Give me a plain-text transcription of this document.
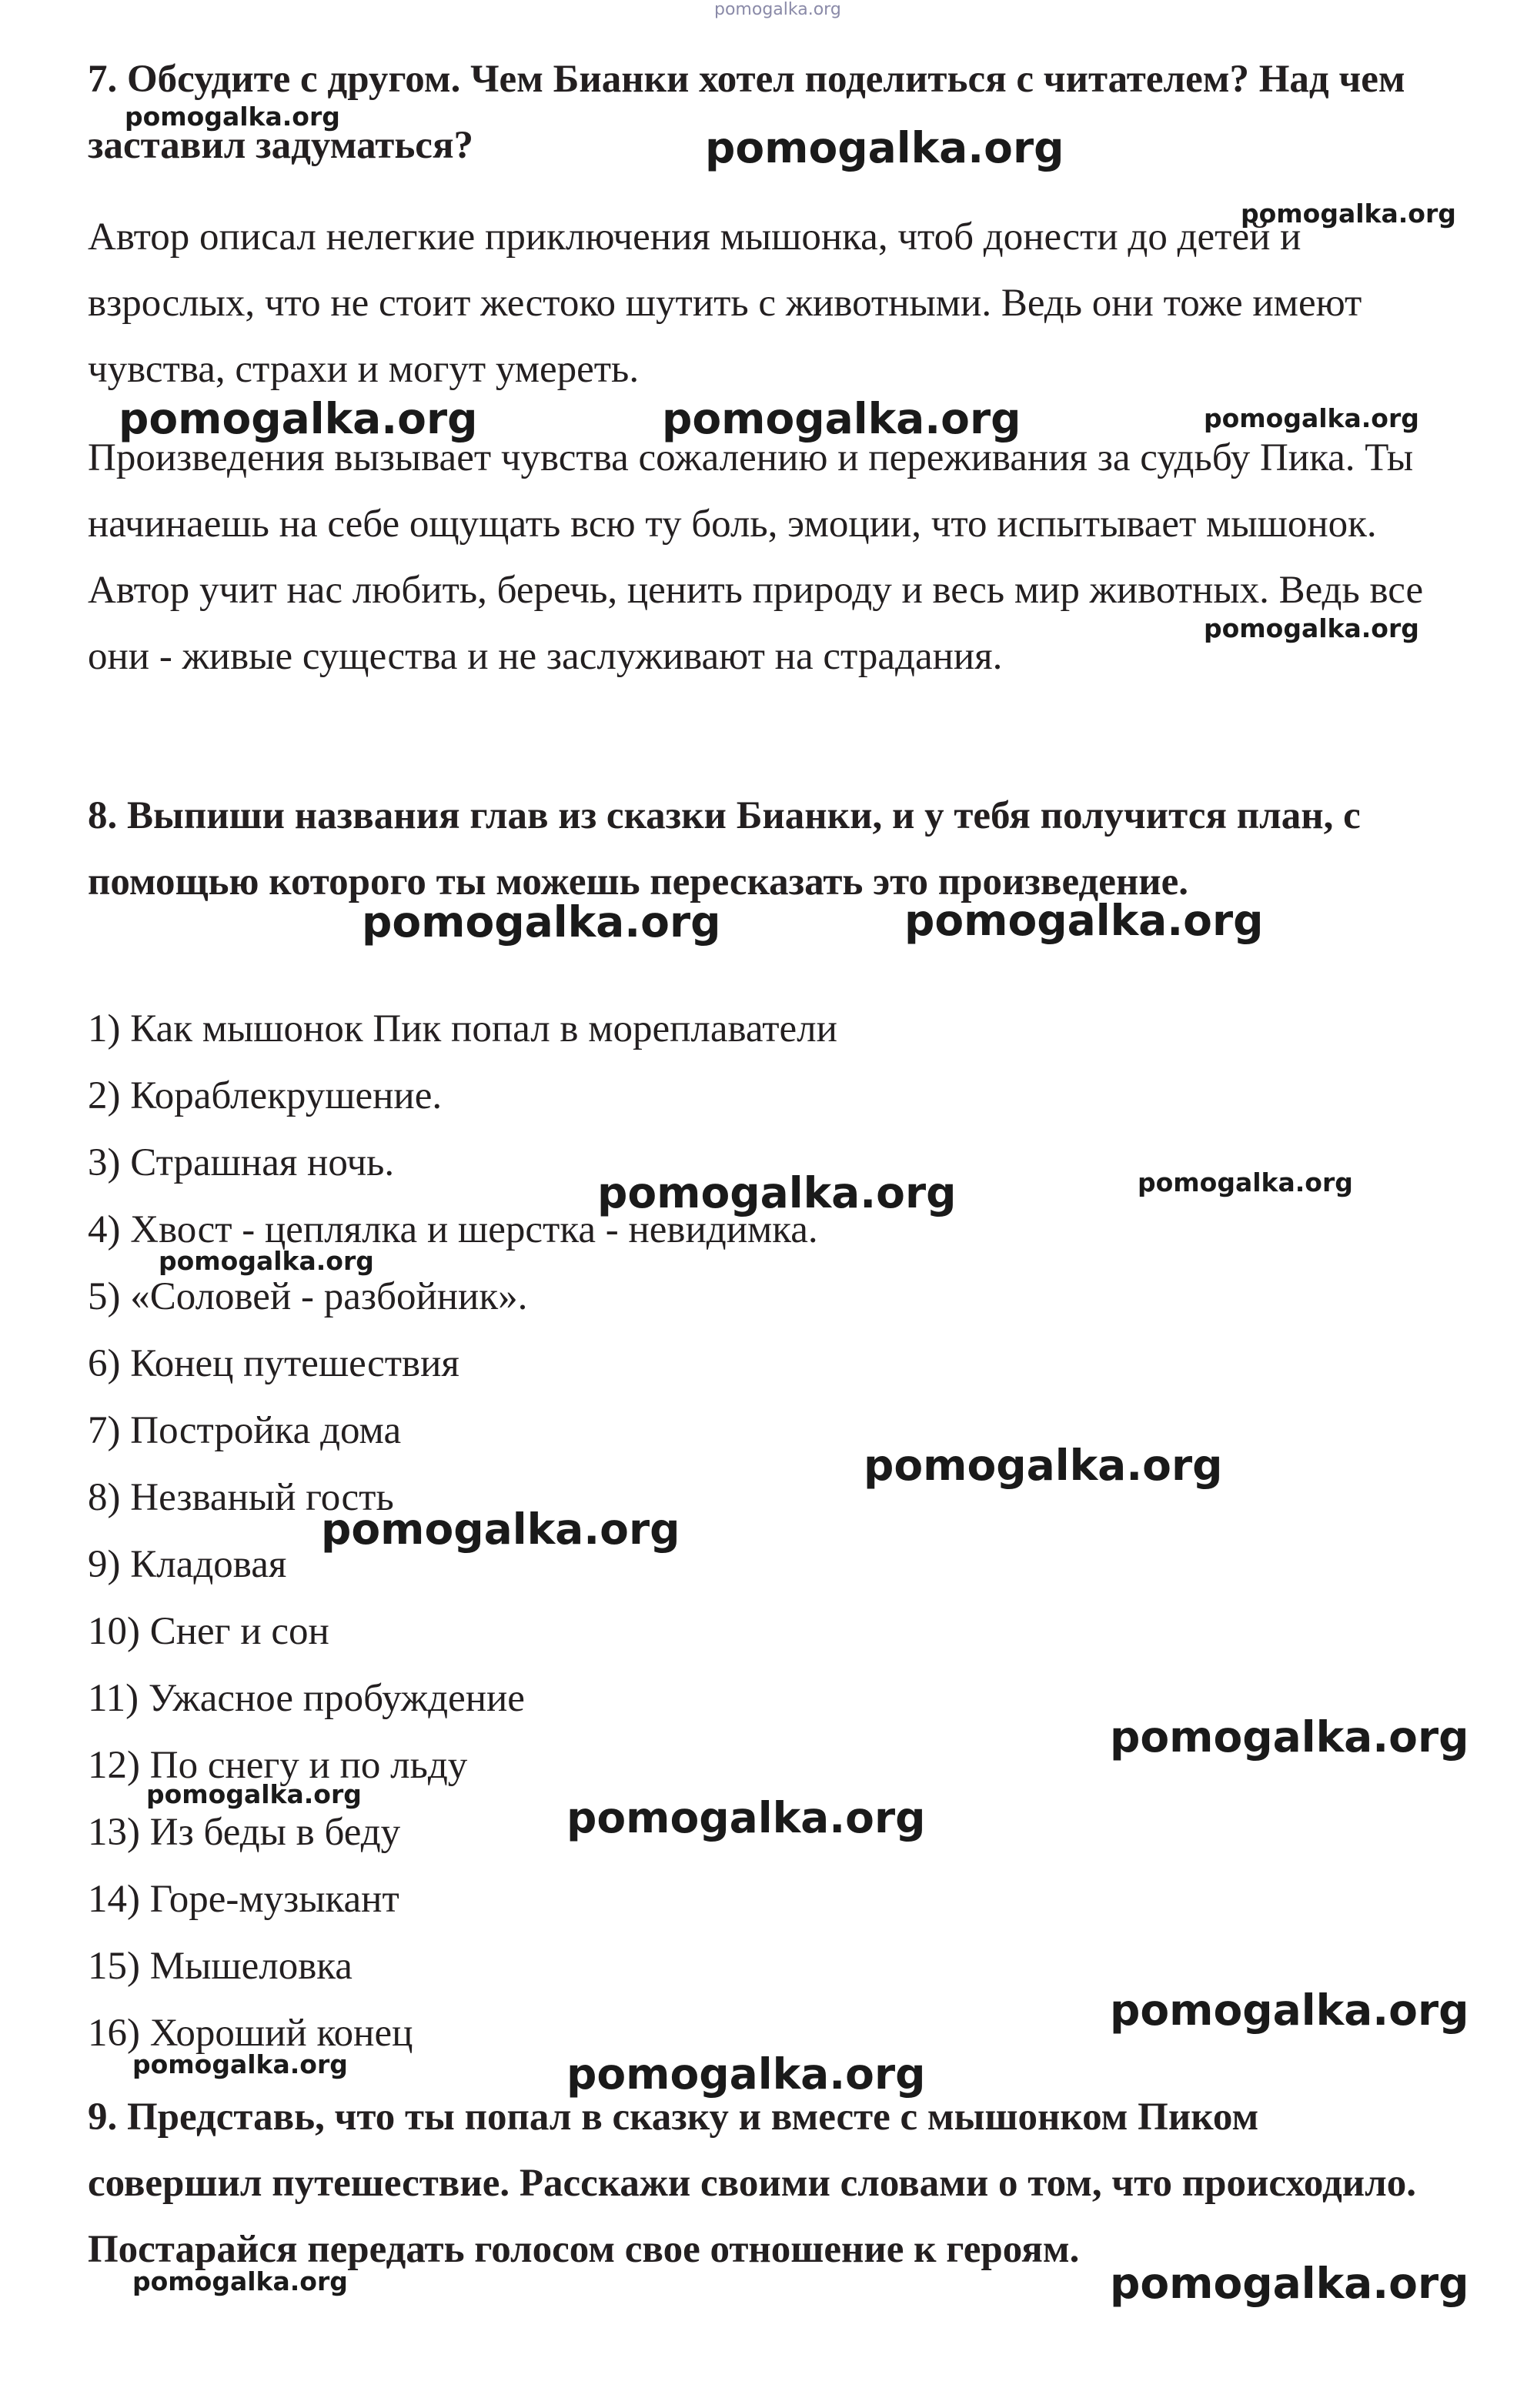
pomogalka.org

7. Обсудите с другом. Чем Бианки хотел поделиться с читателем? Над чем заставил задуматься?

Автор описал нелегкие приключения мышонка, чтоб донести до детей и взрослых, что не стоит жестоко шутить с животными. Ведь они тоже имеют чувства, страхи и могут умереть.

Произведения вызывает чувства сожалению и переживания за судьбу Пика. Ты начинаешь на себе ощущать всю ту боль, эмоции, что испытывает мышонок. Автор учит нас любить, беречь, ценить природу и весь мир животных. Ведь все они - живые существа и не заслуживают на страдания.

8. Выпиши названия глав из сказки Бианки, и у тебя получится план, с помощью которого ты можешь пересказать это произведение.

1) Как мышонок Пик попал в мореплаватели
2) Кораблекрушение.
3) Страшная ночь.
4) Хвост - цеплялка и шерстка - невидимка.
5) «Соловей - разбойник».
6) Конец путешествия
7) Постройка дома
8) Незваный гость
9) Кладовая
10) Снег и сон
11) Ужасное пробуждение
12) По снегу и по льду
13) Из беды в беду
14) Горе-музыкант
15) Мышеловка
16) Хороший конец

9. Представь, что ты попал в сказку и вместе с мышонком Пиком совершил путешествие. Расскажи своими словами о том, что происходило. Постарайся передать голосом свое отношение к героям.

pomogalka.org
pomogalka.org
pomogalka.org
pomogalka.org	pomogalka.org	pomogalka.org
pomogalka.org
pomogalka.org	pomogalka.org
pomogalka.org	pomogalka.org
pomogalka.org
pomogalka.org
pomogalka.org
pomogalka.org
pomogalka.org	pomogalka.org
pomogalka.org
pomogalka.org	pomogalka.org
pomogalka.org	pomogalka.org
